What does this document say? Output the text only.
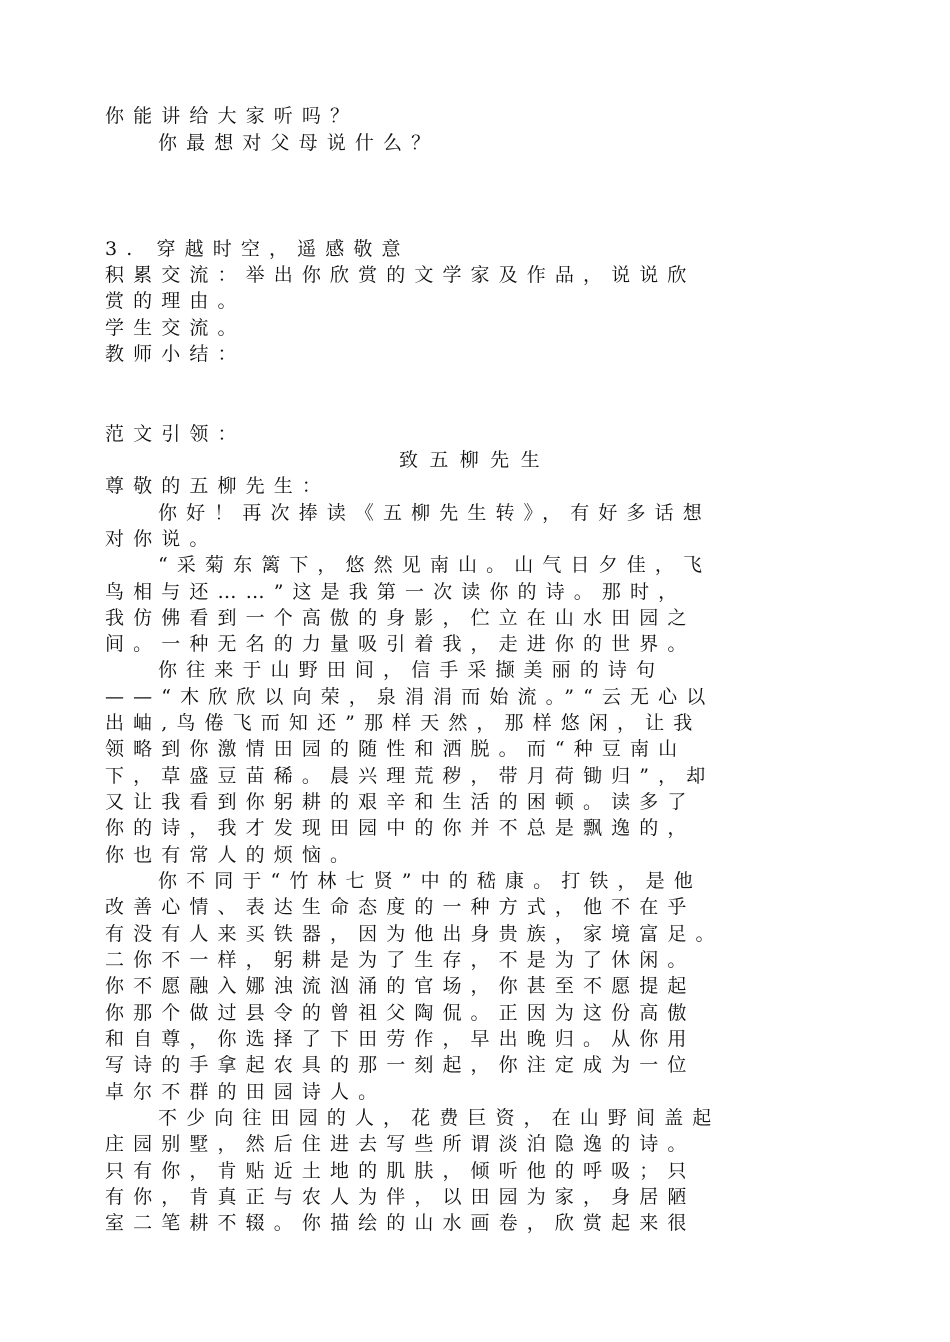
你能讲给大家听吗？
你最想对父母说什么？
3. 穿越时空，遥感敬意
积累交流：举出你欣赏的文学家及作品，说说欣
赏的理由。
学生交流。
教师小结：
范文引领：
致五柳先生
尊敬的五柳先生：
你好！再次捧读《五柳先生转》，有好多话想
对你说。
“采菊东篱下，悠然见南山。山气日夕佳，飞
鸟相与还……”这是我第一次读你的诗。那时，
我仿佛看到一个高傲的身影，伫立在山水田园之
间。一种无名的力量吸引着我，走进你的世界。
你往来于山野田间，信手采撷美丽的诗句
——“木欣欣以向荣，泉涓涓而始流。”“云无心以
出岫,鸟倦飞而知还”那样天然，那样悠闲，让我
领略到你激情田园的随性和洒脱。而“种豆南山
下，草盛豆苗稀。晨兴理荒秽，带月荷锄归”，却
又让我看到你躬耕的艰辛和生活的困顿。读多了
你的诗，我才发现田园中的你并不总是飘逸的，
你也有常人的烦恼。
你不同于“竹林七贤”中的嵇康。打铁，是他
改善心情、表达生命态度的一种方式，他不在乎
有没有人来买铁器，因为他出身贵族，家境富足。
二你不一样，躬耕是为了生存，不是为了休闲。
你不愿融入娜浊流汹涌的官场，你甚至不愿提起
你那个做过县令的曾祖父陶侃。正因为这份高傲
和自尊，你选择了下田劳作，早出晚归。从你用
写诗的手拿起农具的那一刻起，你注定成为一位
卓尔不群的田园诗人。
不少向往田园的人，花费巨资，在山野间盖起
庄园别墅，然后住进去写些所谓淡泊隐逸的诗。
只有你，肯贴近土地的肌肤，倾听他的呼吸；只
有你，肯真正与农人为伴，以田园为家，身居陋
室二笔耕不辍。你描绘的山水画卷，欣赏起来很
